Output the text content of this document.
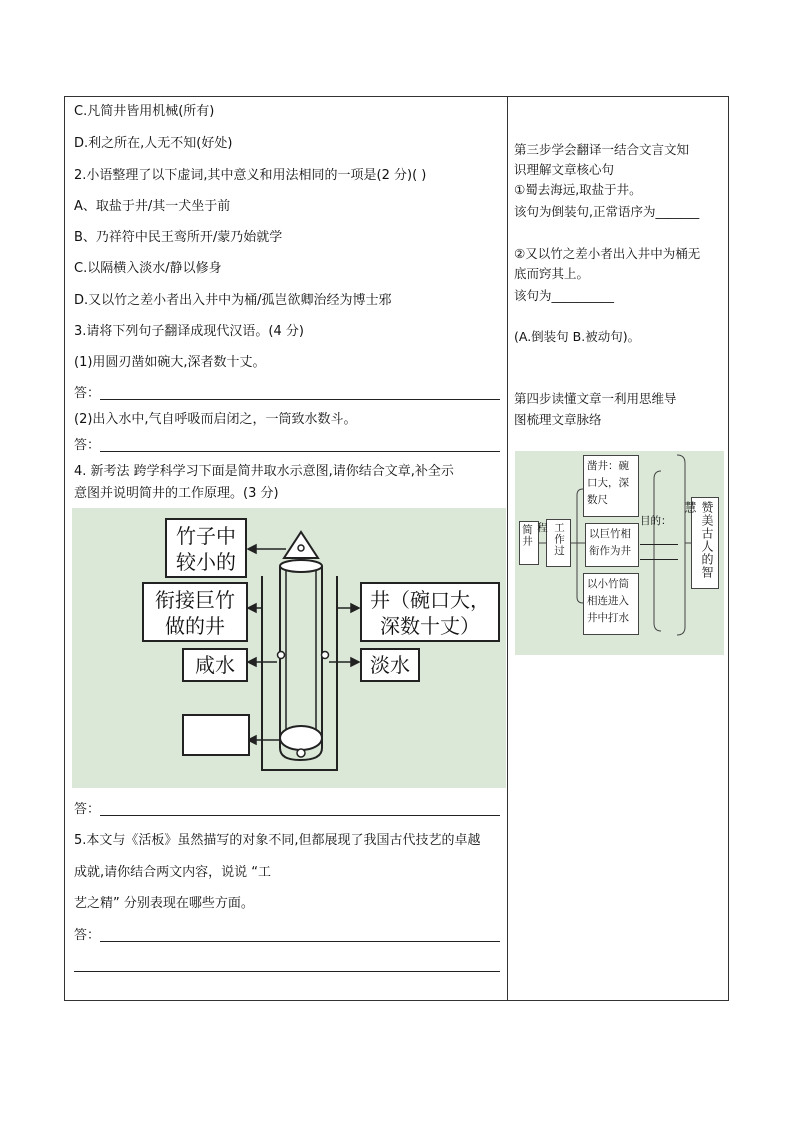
C.凡简井皆用机械(所有)
D.利之所在,人无不知(好处)
2.小语整理了以下虚词,其中意义和用法相同的一项是(2 分)( )
A、取盐于井/其一犬坐于前
B、乃祥符中民王鸾所开/蒙乃始就学
C.以隔横入淡水/静以修身
D.又以竹之差小者出入井中为桶/孤岂欲卿治经为博士邪
3.请将下列句子翻译成现代汉语。(4 分)
(1)用圆刃凿如碗大,深者数十丈。
答：
(2)出入水中,气自呼吸而启闭之，一筒致水数斗。
答：
4. 新考法 跨学科学习下面是简井取水示意图,请你结合文章,补全示
意图并说明简井的工作原理。(3 分)
竹子中
较小的
衔接巨竹
做的井
井（碗口大，
深数十丈）
咸水	淡水
答：
5.本文与《活板》虽然描写的对象不同,但都展现了我国古代技艺的卓越
成就,请你结合两文内容，说说 “工
艺之精” 分别表现在哪些方面。
答：
第三步学会翻译一结合文言文知
识理解文章核心句
①蜀去海远,取盐于井。
该句为倒装句,正常语序为_______
②又以竹之差小者出入井中为桶无
底而窍其上。
该句为__________
(A.倒装句 B.被动句)。
第四步读懂文章一利用思维导
图梳理文章脉络
简井	工作过程
凿井：碗
口大，深
数尺
以巨竹相
衔作为井
以小竹筒
相连进入
井中打水
目的：	赞美古人的智慧
